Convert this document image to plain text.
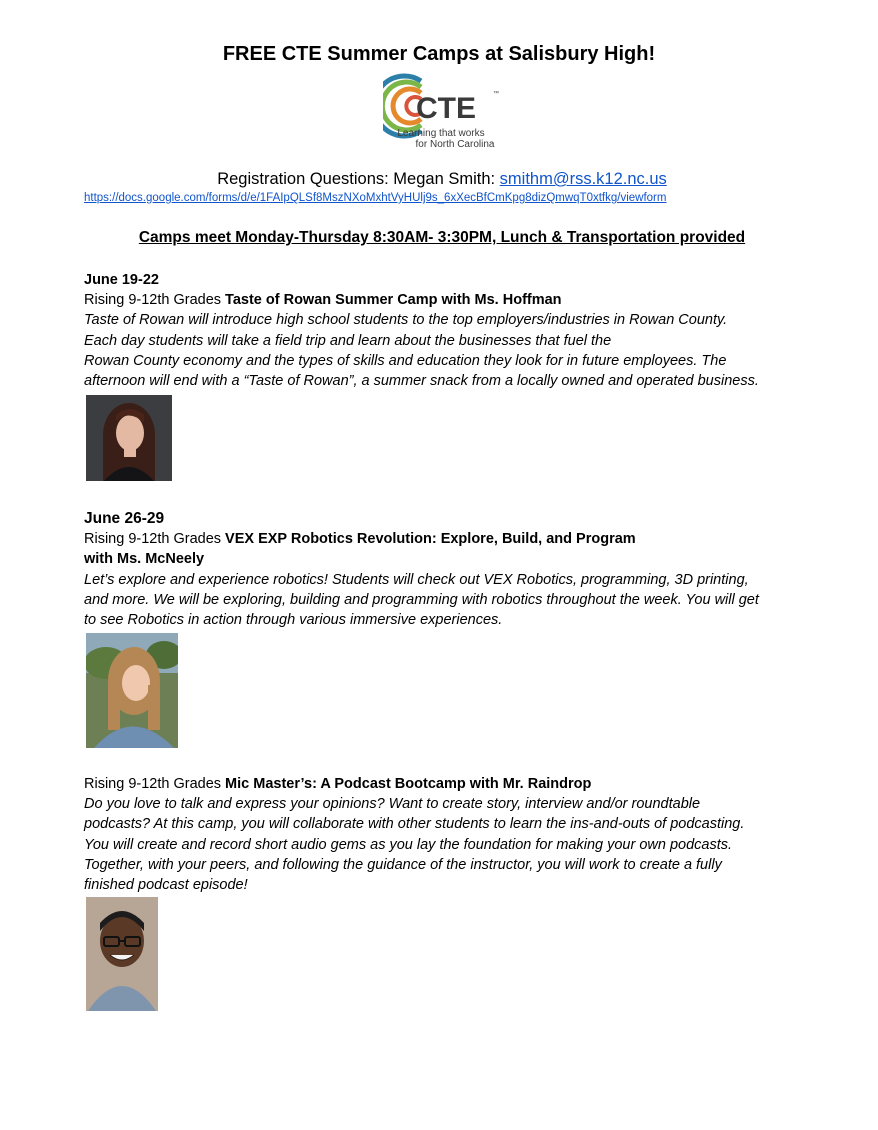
FREE CTE Summer Camps at Salisbury High!
CTE	™
Learning that works
for North Carolina
Registration Questions: Megan Smith: smithm@rss.k12.nc.us
https://docs.google.com/forms/d/e/1FAIpQLSf8MszNXoMxhtVyHUlj9s_6xXecBfCmKpg8dizQmwqT0xtfkg/viewform
Camps meet Monday-Thursday 8:30AM- 3:30PM, Lunch & Transportation provided
June 19-22
Rising 9-12th Grades Taste of Rowan Summer Camp with Ms. Hoffman
Taste of Rowan will introduce high school students to the top employers/industries in Rowan County.
Each day students will take a field trip and learn about the businesses that fuel the
Rowan County economy and the types of skills and education they look for in future employees. The
afternoon will end with a “Taste of Rowan”, a summer snack from a locally owned and operated business.
June 26-29
Rising 9-12th Grades VEX EXP Robotics Revolution: Explore, Build, and Program
with Ms. McNeely
Let’s explore and experience robotics! Students will check out VEX Robotics, programming, 3D printing,
and more. We will be exploring, building and programming with robotics throughout the week. You will get
to see Robotics in action through various immersive experiences.
Rising 9-12th Grades Mic Master’s: A Podcast Bootcamp with Mr. Raindrop
Do you love to talk and express your opinions? Want to create story, interview and/or roundtable
podcasts? At this camp, you will collaborate with other students to learn the ins-and-outs of podcasting.
You will create and record short audio gems as you lay the foundation for making your own podcasts.
Together, with your peers, and following the guidance of the instructor, you will work to create a fully
finished podcast episode!
